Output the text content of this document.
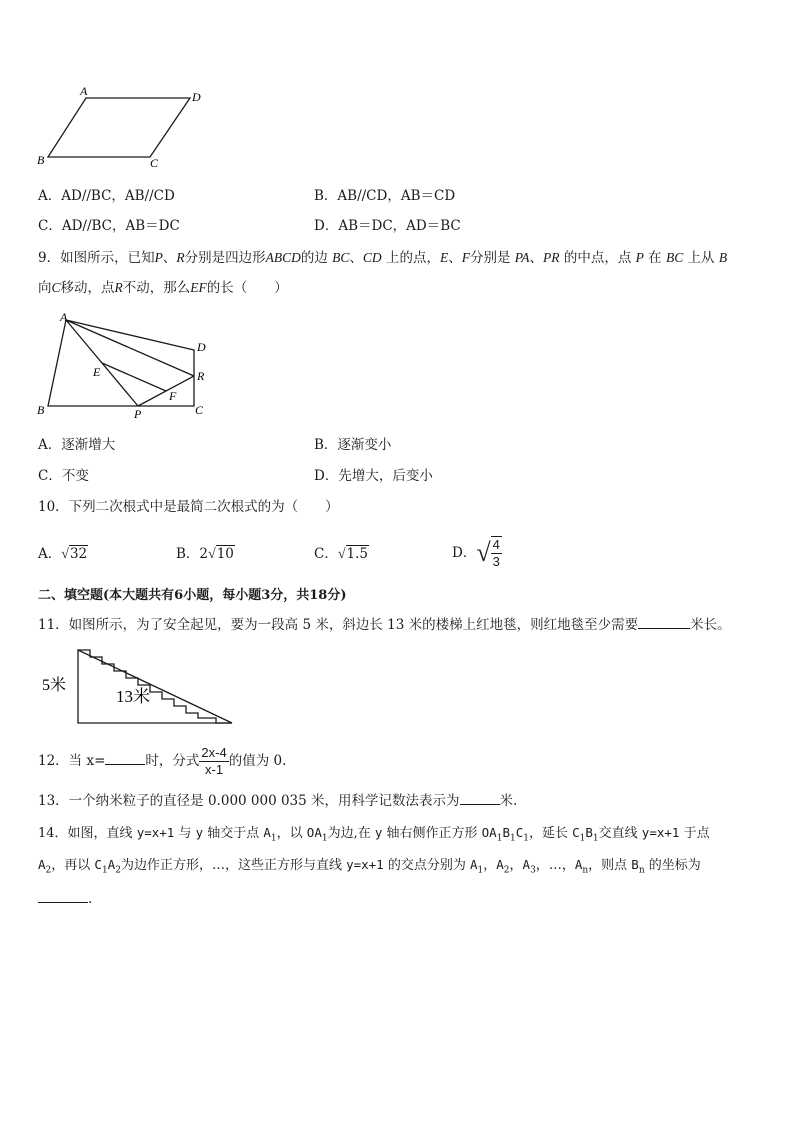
A	D
B	C
A．AD//BC，AB//CD	B．AB//CD，AB＝CD
C．AD//BC，AB＝DC	D．AB＝DC，AD＝BC
9．如图所示，已知P、R分别是四边形ABCD的边 BC、CD 上的点，E、F分别是 PA、PR 的中点，点 P 在 BC 上从 B
向C移动，点R不动，那么EF的长（　　）
A
D
E	R
F
B	P	C
A．逐渐增大	B．逐渐变小
C．不变	D．先增大，后变小
10．下列二次根式中是最简二次根式的为（　　）
A．√32	B．2√10	C．√1.5	D．√ $\frac{4}{3}$
二、填空题(本大题共有6小题，每小题3分，共18分)
11．如图所示，为了安全起见，要为一段高 5 米，斜边长 13 米的楼梯上红地毯，则红地毯至少需要	米长。
5米
13米
12．当 x=	时，分式 $\frac{2x-4}{x-1}$ 的值为 0.
13．一个纳米粒子的直径是 0.000 000 035 米，用科学记数法表示为	米.
14．如图，直线 y=x+1 与 y 轴交于点 $A_1$，以 $OA_1$为边,在 y 轴右侧作正方形 $OA_1B_1C_1$，延长 $C_1B_1$交直线 y=x+1 于点
$A_2$，再以 $C_1A_2$为边作正方形，…，这些正方形与直线 y=x+1 的交点分别为 $A_1$，$A_2$，$A_3$，…，$A_n$，则点 $B_n$ 的坐标为
.
